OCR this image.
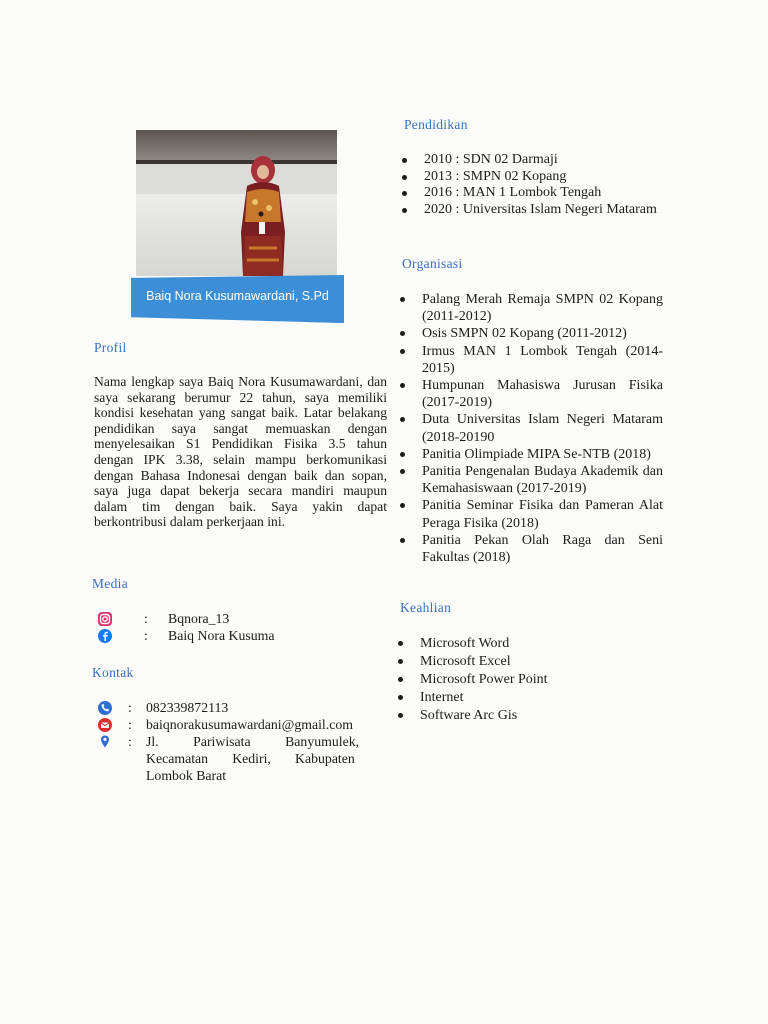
Baiq Nora Kusumawardani, S.Pd
Profil
Nama lengkap saya Baiq Nora Kusumawardani, dan saya sekarang berumur 22 tahun, saya memiliki kondisi kesehatan yang sangat baik. Latar belakang pendidikan saya sangat memuaskan dengan menyelesaikan S1 Pendidikan Fisika 3.5 tahun dengan IPK 3.38, selain mampu berkomunikasi dengan Bahasa Indonesai dengan baik dan sopan, saya juga dapat bekerja secara mandiri maupun dalam tim dengan baik. Saya yakin dapat berkontribusi dalam perkerjaan ini.
Media
: Bqnora_13
: Baiq Nora Kusuma
Kontak
: 082339872113
: baiqnorakusumawardani@gmail.com
: Jl.          Pariwisata          Banyumulek,
Kecamatan       Kediri,       Kabupaten
Lombok Barat
Pendidikan
2010 : SDN 02 Darmaji
2013 : SMPN 02 Kopang
2016 : MAN 1 Lombok Tengah
2020 : Universitas Islam Negeri Mataram
Organisasi
Palang Merah Remaja SMPN 02 Kopang (2011-2012)
Osis SMPN 02 Kopang (2011-2012)
Irmus MAN 1 Lombok Tengah (2014-2015)
Humpunan Mahasiswa Jurusan Fisika (2017-2019)
Duta Universitas Islam Negeri Mataram (2018-20190
Panitia Olimpiade MIPA Se-NTB (2018)
Panitia Pengenalan Budaya Akademik dan Kemahasiswaan (2017-2019)
Panitia Seminar Fisika dan Pameran Alat Peraga Fisika (2018)
Panitia Pekan Olah Raga dan Seni Fakultas (2018)
Keahlian
Microsoft Word
Microsoft Excel
Microsoft Power Point
Internet
Software Arc Gis
